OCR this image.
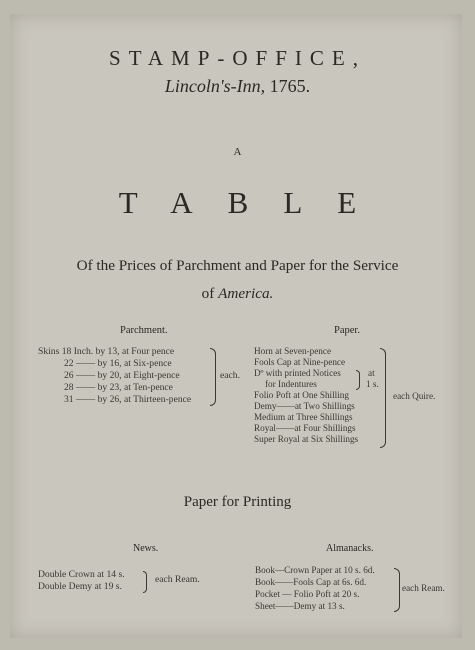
STAMP-OFFICE,
Lincoln's-Inn, 1765.
A
TABLE
Of the Prices of Parchment and Paper for the Service
of America.
Parchment.
Skins 18 Inch. by 13, at Four pence
22 —— by 16, at Six-pence
26 —— by 20, at Eight-pence
28 —— by 23, at Ten-pence
31 —— by 26, at Thirteen-pence
each.
Paper.
Horn at Seven-pence
Fools Cap at Nine-pence
Dº with printed Notices
for Indentures
Folio Poft at One Shilling
Demy——at Two Shillings
Medium at Three Shillings
Royal——at Four Shillings
Super Royal at Six Shillings
at
1 s.
each Quire.
Paper for Printing
News.
Double Crown at 14 s.
Double Demy at 19 s.
each Ream.
Almanacks.
Book—Crown Paper at 10 s. 6d.
Book——Fools Cap at 6s. 6d.
Pocket — Folio Poft at 20 s.
Sheet——Demy at 13 s.
each Ream.
